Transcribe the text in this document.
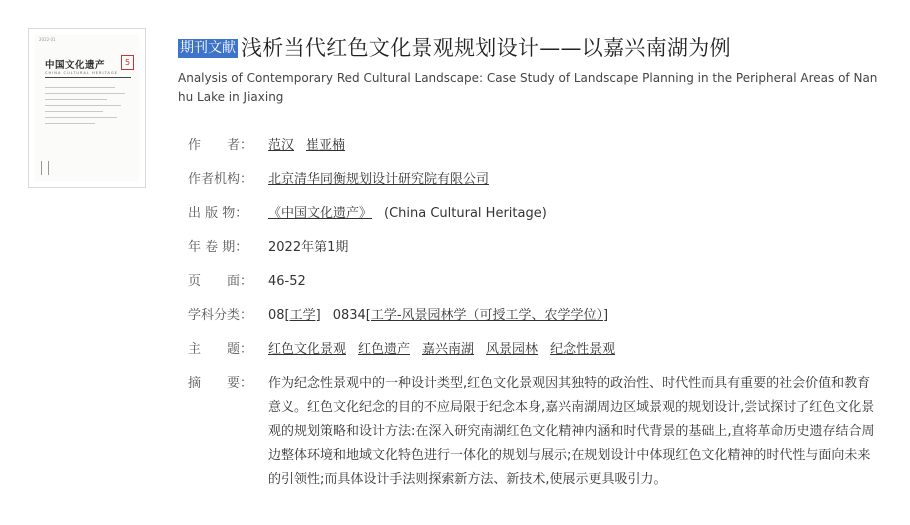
2022·01
中国文化遗产	5
CHINA CULTURAL HERITAGE
期刊文献 浅析当代红色文化景观规划设计——以嘉兴南湖为例
Analysis of Contemporary Red Cultural Landscape: Case Study of Landscape Planning in the Peripheral Areas of Nanhu Lake in Jiaxing
作　　者：	范汉 崔亚楠
作者机构：	北京清华同衡规划设计研究院有限公司
出 版 物：	《中国文化遗产》 (China Cultural Heritage)
年 卷 期：	2022年第1期
页　　面：	46-52
学科分类：	08[工学] 0834[工学-风景园林学（可授工学、农学学位）]
主　　题：	红色文化景观 红色遗产 嘉兴南湖 风景园林 纪念性景观
摘　　要：	作为纪念性景观中的一种设计类型,红色文化景观因其独特的政治性、时代性而具有重要的社会价值和教育意义。红色文化纪念的目的不应局限于纪念本身,嘉兴南湖周边区域景观的规划设计,尝试探讨了红色文化景观的规划策略和设计方法:在深入研究南湖红色文化精神内涵和时代背景的基础上,直将革命历史遗存结合周边整体环境和地域文化特色进行一体化的规划与展示;在规划设计中体现红色文化精神的时代性与面向未来的引领性;而具体设计手法则探索新方法、新技术,使展示更具吸引力。
